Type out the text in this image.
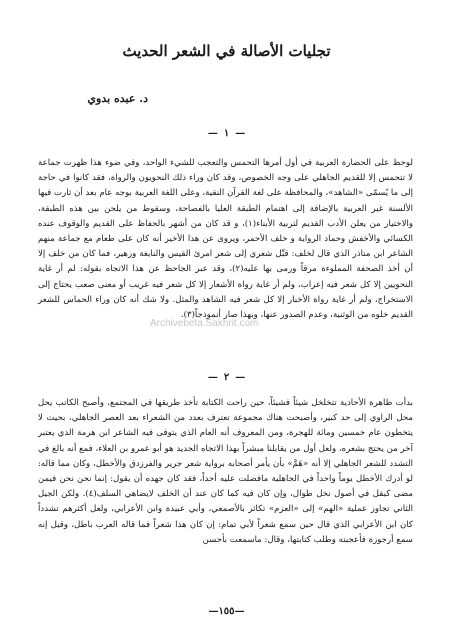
تجليات الأصالة في الشعر الحديث
د. عبده بدوي
—١—

لوحظ على الحضارة العربية في أول أمرها التحمس والتعجب للشيء الواحد، وفي ضوء هذا ظهرت جماعة لا تتحمس إلا للقديم الجاهلي على وجه الخصوص، وقد كان وراء ذلك النحويون والرواة، فقد كانوا في حاجة إلى ما يُسمّى «الشاهد»، والمحافظة على لغة القرآن النقية، وعلى اللغة العربية بوجه عام بعد أن ثارت فيها الألسنة غير العربية بالإضافة إلى اهتمام الطبقة العليا بالفصاحة، وسقوط من يلحن بين هذه الطبقة، والاختيار من يعلن الأدب القديم لتربية الأبناء(١)، و قد كان من أشهر بالحفاظ على القديم والوقوف عنده الكسائي والأخفش وحماد الرواية و خلف الأحمر، ويروى عن هذا الأخير أنه كان على طعام مع جماعة منهم الشاعر ابن مناذر الذي قال لخلف: قبِّل شعري إلى شعر امرئ القيس والنابغة وزهير، فما كان من خلف إلا أن أخذ الصحفة المملوءة مرقاً ورمى بها عليه(٢)، وقد عبر الجاحظ عن هذا الاتجاه بقوله: لم أر غاية النحويين إلا كل شعر فيه إعراب، ولم أر غاية رواة الأشعار إلا كل شعر فيه غريب أو معنى صعب يحتاج إلى الاستخراج، ولم أر غاية رواة الأخبار إلا كل شعر فيه الشاهد والمثل. ولا شك أنه كان وراء الحماس للشعر القديم خلوه من الوثنية، وعدم الصدور عنها، وبهذا صار أنموذجاً(٣).

—٢—

بدأت ظاهرة الأحادية تتخلخل شيئاً فشيئاً، حين راحت الكتابة تأخذ طريقها في المجتمع، وأصبح الكاتب يحل محل الراوي إلى حد كبير، وأصبحت هناك مجموعة تعترف بعدد من الشعراء بعد العصر الجاهلي، بحيث لا يتخطون عام خمسين ومائة للهجرة، ومن المعروف أنه العام الذي يتوفى فيه الشاعر ابن هرمة الذي يعتبر آخر من يحتج بشعره، ولعل أول من يقابلنا مبشراً بهذا الاتجاه الجديد هو أبو عمرو بن العلاء، فمع أنه بالغ في التشدد للشعر الجاهلي إلا أنه «هَمَّ» بأن يأمر أصحابه برواية شعر جرير والفرزدق والأخطل، وكان مما قاله: لو أدرك الأخطل يوماً واحداً في الجاهلية مافضلت عليه أحداً، فقد كان جهده أن يقول: إنما نحن نحن فيمن مضى كبقل في أصول نخل طوال، وإن كان فيه كما كان عند أن الخلف لايضاهي السلف(٤). ولكن الجيل الثاني تجاوز عملية «الهم» إلى «العزم» تكاثر بالأصمعي، وأبي عبيدة وابن الأعرابي، ولعل أكثرهم تشدداً كان ابن الأعرابي الذي قال حين سمع شعراً لأبي تمام: إن كان هذا شعراً فما قاله العرب باطل، وقيل إنه سمع أرجوزة فأعجبته وطلب كتابتها، وقال: ماسمعت بأحسن

Archivebeta.Sakhrit.com
—١٥٥—
